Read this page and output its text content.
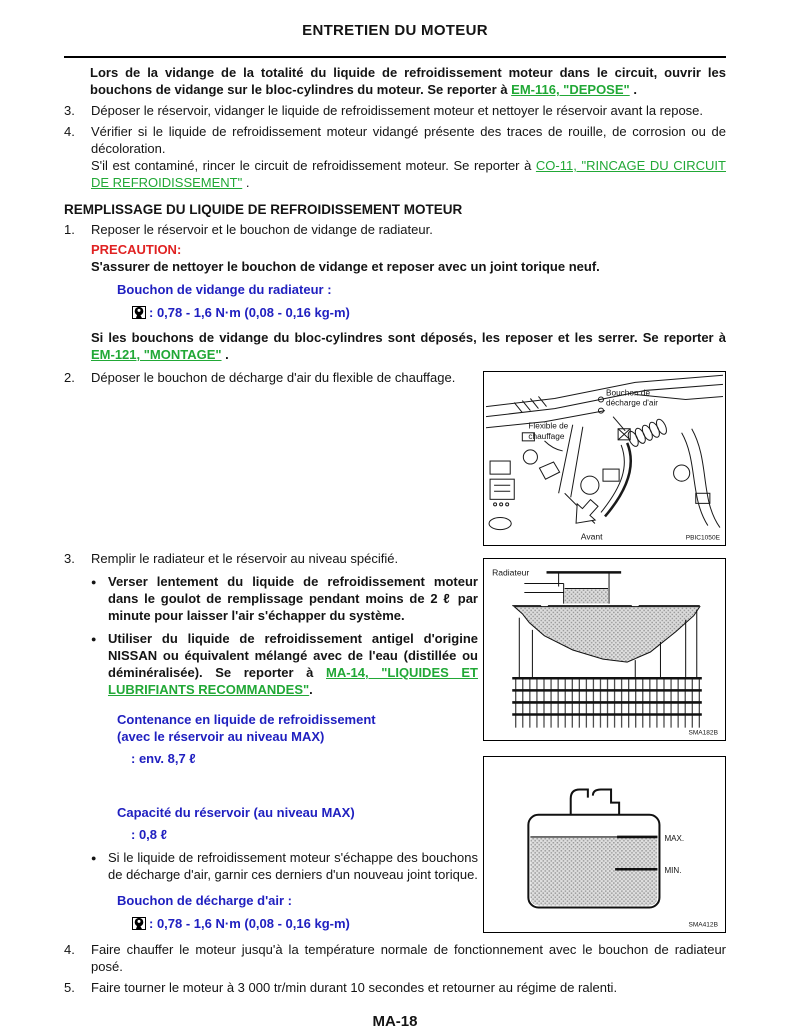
ENTRETIEN DU MOTEUR

Lors de la vidange de la totalité du liquide de refroidissement moteur dans le circuit, ouvrir les bouchons de vidange sur le bloc-cylindres du moteur. Se reporter à EM-116, "DEPOSE" .

3.	Déposer le réservoir, vidanger le liquide de refroidissement moteur et nettoyer le réservoir avant la repose.
4.	Vérifier si le liquide de refroidissement moteur vidangé présente des traces de rouille, de corrosion ou de décoloration.
S'il est contaminé, rincer le circuit de refroidissement moteur. Se reporter à CO-11, "RINCAGE DU CIRCUIT DE REFROIDISSEMENT" .
REMPLISSAGE DU LIQUIDE DE REFROIDISSEMENT MOTEUR
1.	Reposer le réservoir et le bouchon de vidange de radiateur.
PRECAUTION:
S'assurer de nettoyer le bouchon de vidange et reposer avec un joint torique neuf.
Bouchon de vidange du radiateur :
: 0,78 - 1,6 N·m (0,08 - 0,16 kg-m)

Si les bouchons de vidange du bloc-cylindres sont déposés, les reposer et les serrer. Se reporter à EM-121, "MONTAGE" .

2.	Déposer le bouchon de décharge d'air du flexible de chauffage.
3.	Remplir le radiateur et le réservoir au niveau spécifié.
● Verser lentement du liquide de refroidissement moteur dans le goulot de remplissage pendant moins de 2 ℓ par minute pour laisser l'air s'échapper du système.
● Utiliser du liquide de refroidissement antigel d'origine NISSAN ou équivalent mélangé avec de l'eau (distillée ou déminéralisée). Se reporter à MA-14, "LIQUIDES ET LUBRIFIANTS RECOMMANDES".
Contenance en liquide de refroidissement
(avec le réservoir au niveau MAX)
: env. 8,7 ℓ
Capacité du réservoir (au niveau MAX)
: 0,8 ℓ
● Si le liquide de refroidissement moteur s'échappe des bouchons de décharge d'air, garnir ces derniers d'un nouveau joint torique.
Bouchon de décharge d'air :
: 0,78 - 1,6 N·m (0,08 - 0,16 kg-m)
Bouchon de
décharge d'air
Flexible de
chauffage
Avant	PBIC1050E
Radiateur
SMA182B
MAX.
MIN.
SMA412B
4.	Faire chauffer le moteur jusqu'à la température normale de fonctionnement avec le bouchon de radiateur posé.
5.	Faire tourner le moteur à 3 000 tr/min durant 10 secondes et retourner au régime de ralenti.
MA-18
